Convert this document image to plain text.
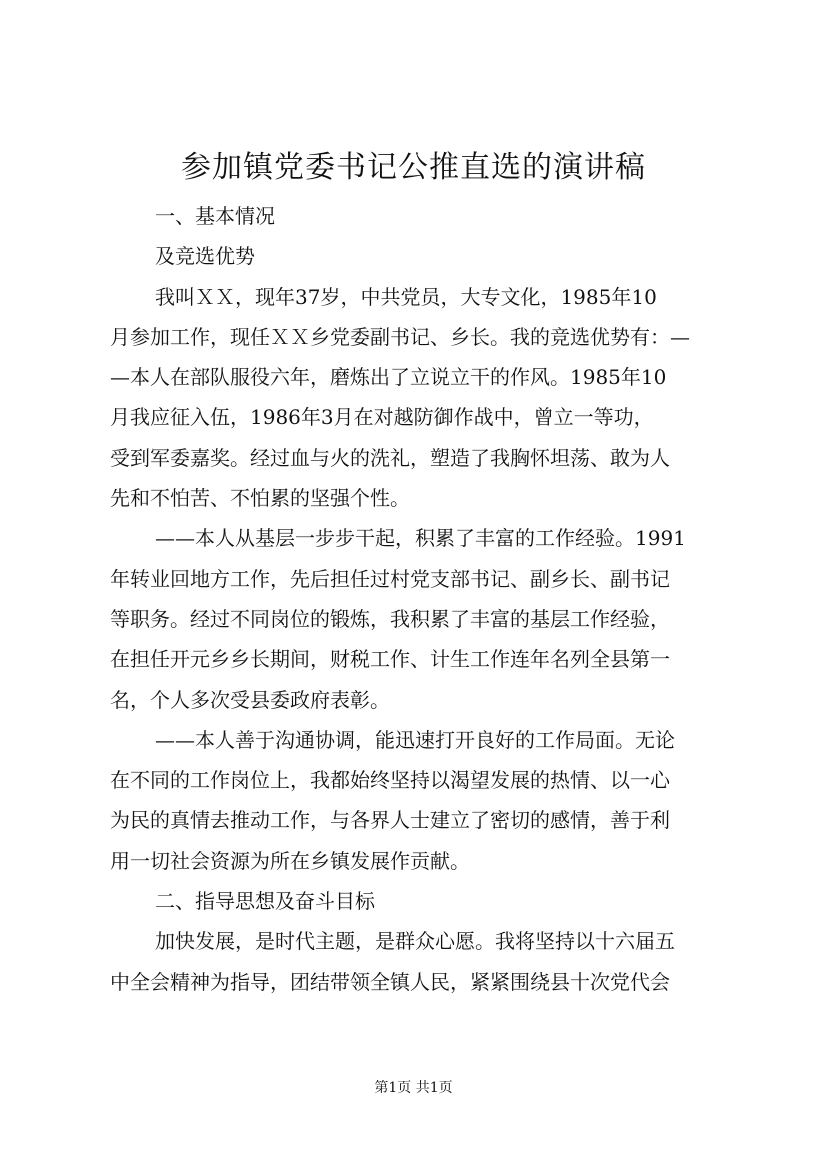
参加镇党委书记公推直选的演讲稿
一、基本情况
及竞选优势
我叫ＸＸ，现年37岁，中共党员，大专文化，1985年10
月参加工作，现任ＸＸ乡党委副书记、乡长。我的竞选优势有：—
—本人在部队服役六年，磨炼出了立说立干的作风。1985年10
月我应征入伍，1986年3月在对越防御作战中，曾立一等功，
受到军委嘉奖。经过血与火的洗礼，塑造了我胸怀坦荡、敢为人
先和不怕苦、不怕累的坚强个性。
——本人从基层一步步干起，积累了丰富的工作经验。1991
年转业回地方工作，先后担任过村党支部书记、副乡长、副书记
等职务。经过不同岗位的锻炼，我积累了丰富的基层工作经验，
在担任开元乡乡长期间，财税工作、计生工作连年名列全县第一
名，个人多次受县委政府表彰。
——本人善于沟通协调，能迅速打开良好的工作局面。无论
在不同的工作岗位上，我都始终坚持以渴望发展的热情、以一心
为民的真情去推动工作，与各界人士建立了密切的感情，善于利
用一切社会资源为所在乡镇发展作贡献。
二、指导思想及奋斗目标
加快发展，是时代主题，是群众心愿。我将坚持以十六届五
中全会精神为指导，团结带领全镇人民，紧紧围绕县十次党代会
第1页 共1页
